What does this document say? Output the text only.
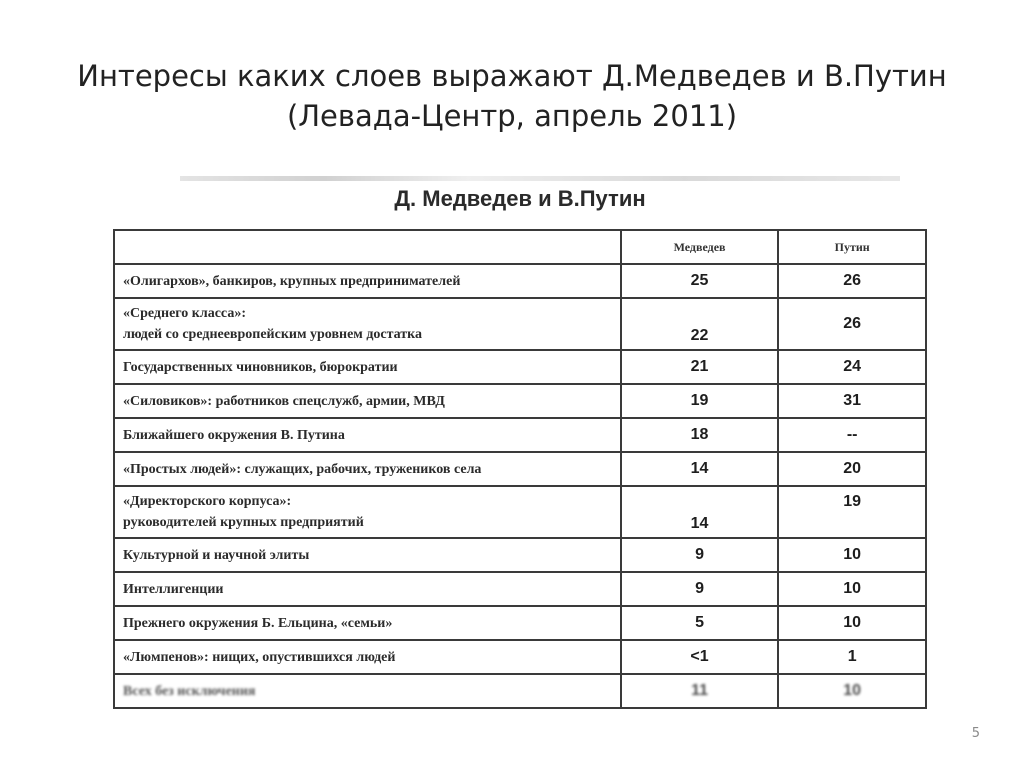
Интересы каких слоев выражают Д.Медведев и В.Путин
(Левада-Центр, апрель 2011)
Д. Медведев и В.Путин
	Медведев	Путин
«Олигархов», банкиров, крупных предпринимателей	25	26

«Среднего класса»:
людей со среднеевропейским уровнем достатка	22	26
Государственных чиновников, бюрократии	21	24
«Силовиков»: работников спецслужб, армии, МВД	19	31
Ближайшего окружения В. Путина	18	--
«Простых людей»: служащих, рабочих, тружеников села	14	20

«Директорского корпуса»:
руководителей крупных предприятий	14	19
Культурной и научной элиты	9	10
Интеллигенции	9	10
Прежнего окружения Б. Ельцина, «семьи»	5	10
«Люмпенов»: нищих, опустившихся людей	<1	1
Всех без исключения	11	10
5
